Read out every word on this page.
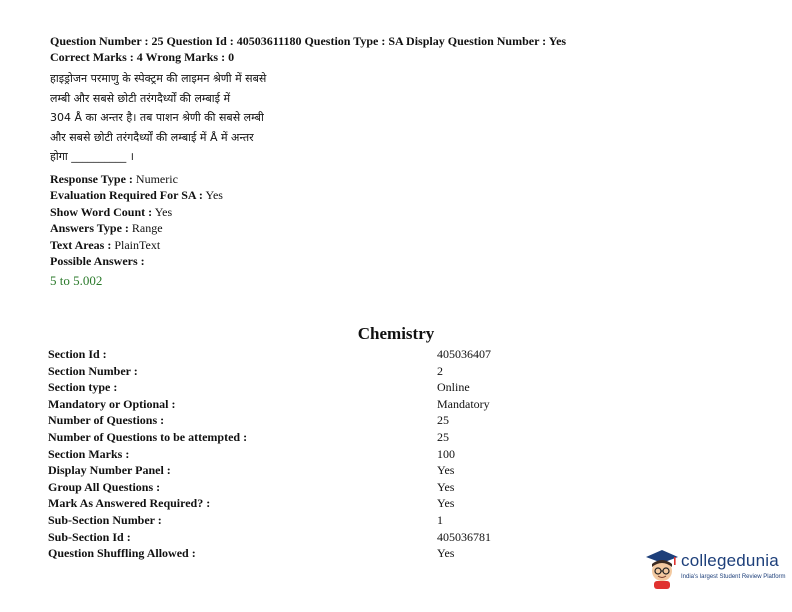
Question Number : 25 Question Id : 40503611180 Question Type : SA Display Question Number : Yes
Correct Marks : 4 Wrong Marks : 0
हाइड्रोजन परमाणु के स्पेक्ट्रम की लाइमन श्रेणी में सबसे
लम्बी और सबसे छोटी तरंगदैर्ध्यों की लम्बाई में
304 Å का अन्तर है। तब पाशन श्रेणी की सबसे लम्बी
और सबसे छोटी तरंगदैर्ध्यों की लम्बाई में Å में अन्तर
होगा __________ ।
Response Type : Numeric
Evaluation Required For SA : Yes
Show Word Count : Yes
Answers Type : Range
Text Areas : PlainText
Possible Answers :
5 to 5.002
Chemistry
Section Id :	405036407
Section Number :	2
Section type :	Online
Mandatory or Optional :	Mandatory
Number of Questions :	25
Number of Questions to be attempted :	25
Section Marks :	100
Display Number Panel :	Yes
Group All Questions :	Yes
Mark As Answered Required? :	Yes
Sub-Section Number :	1
Sub-Section Id :	405036781
Question Shuffling Allowed :	Yes	collegedunia
India's largest Student Review Platform
